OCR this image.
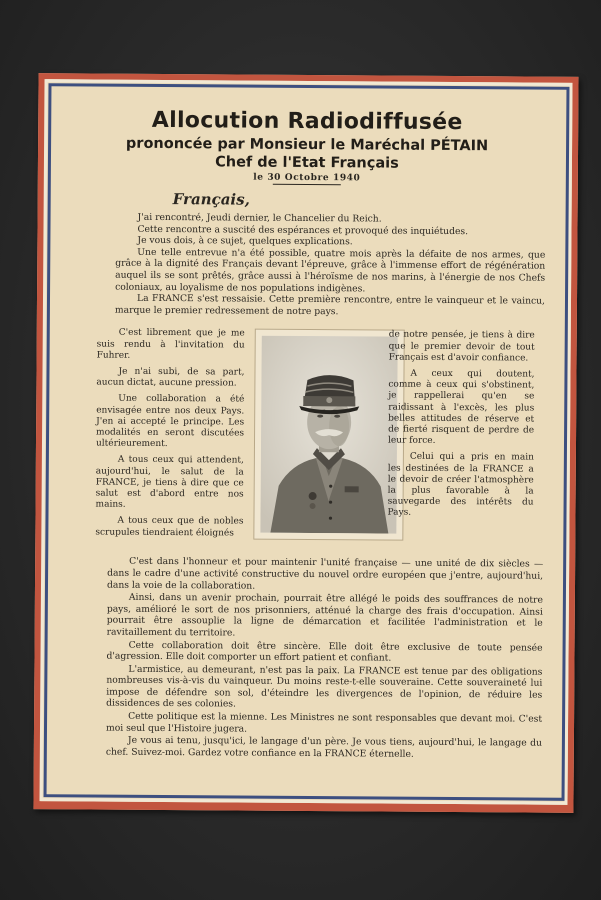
Allocution Radiodiffusée
prononcée par Monsieur le Maréchal PÉTAIN
Chef de l'Etat Français
le 30 Octobre 1940
Français,

J'ai rencontré, Jeudi dernier, le Chancelier du Reich.

Cette rencontre a suscité des espérances et provoqué des inquiétudes.

Je vous dois, à ce sujet, quelques explications.

Une telle entrevue n'a été possible, quatre mois après la défaite de nos armes, que grâce à la dignité des Français devant l'épreuve, grâce à l'immense effort de régénération auquel ils se sont prêtés, grâce aussi à l'héroïsme de nos marins, à l'énergie de nos Chefs coloniaux, au loyalisme de nos populations indigènes.

La FRANCE s'est ressaisie. Cette première rencontre, entre le vainqueur et le vaincu, marque le premier redressement de notre pays.

C'est librement que je me suis rendu à l'invitation du Fuhrer.

Je n'ai subi, de sa part, aucun dictat, aucune pression.

Une collaboration a été envisagée entre nos deux Pays. J'en ai accepté le principe. Les modalités en seront discutées ultérieurement.

A tous ceux qui attendent, aujourd'hui, le salut de la FRANCE, je tiens à dire que ce salut est d'abord entre nos mains.

A tous ceux que de nobles scrupules tiendraient éloignés

de notre pensée, je tiens à dire que le premier devoir de tout Français est d'avoir confiance.

A ceux qui doutent, comme à ceux qui s'obstinent, je rappellerai qu'en se raidissant à l'excès, les plus belles attitudes de réserve et de fierté risquent de perdre de leur force.

Celui qui a pris en main les destinées de la FRANCE a le devoir de créer l'atmosphère la plus favorable à la sauvegarde des intérêts du Pays.

C'est dans l'honneur et pour maintenir l'unité française — une unité de dix siècles — dans le cadre d'une activité constructive du nouvel ordre européen que j'entre, aujourd'hui, dans la voie de la collaboration.

Ainsi, dans un avenir prochain, pourrait être allégé le poids des souffrances de notre pays, amélioré le sort de nos prisonniers, atténué la charge des frais d'occupation. Ainsi pourrait être assouplie la ligne de démarcation et facilitée l'administration et le ravitaillement du territoire.

Cette collaboration doit être sincère. Elle doit être exclusive de toute pensée d'agression. Elle doit comporter un effort patient et confiant.

L'armistice, au demeurant, n'est pas la paix. La FRANCE est tenue par des obligations nombreuses vis-à-vis du vainqueur. Du moins reste-t-elle souveraine. Cette souveraineté lui impose de défendre son sol, d'éteindre les divergences de l'opinion, de réduire les dissidences de ses colonies.

Cette politique est la mienne. Les Ministres ne sont responsables que devant moi. C'est moi seul que l'Histoire jugera.

Je vous ai tenu, jusqu'ici, le langage d'un père. Je vous tiens, aujourd'hui, le langage du chef. Suivez-moi. Gardez votre confiance en la FRANCE éternelle.
